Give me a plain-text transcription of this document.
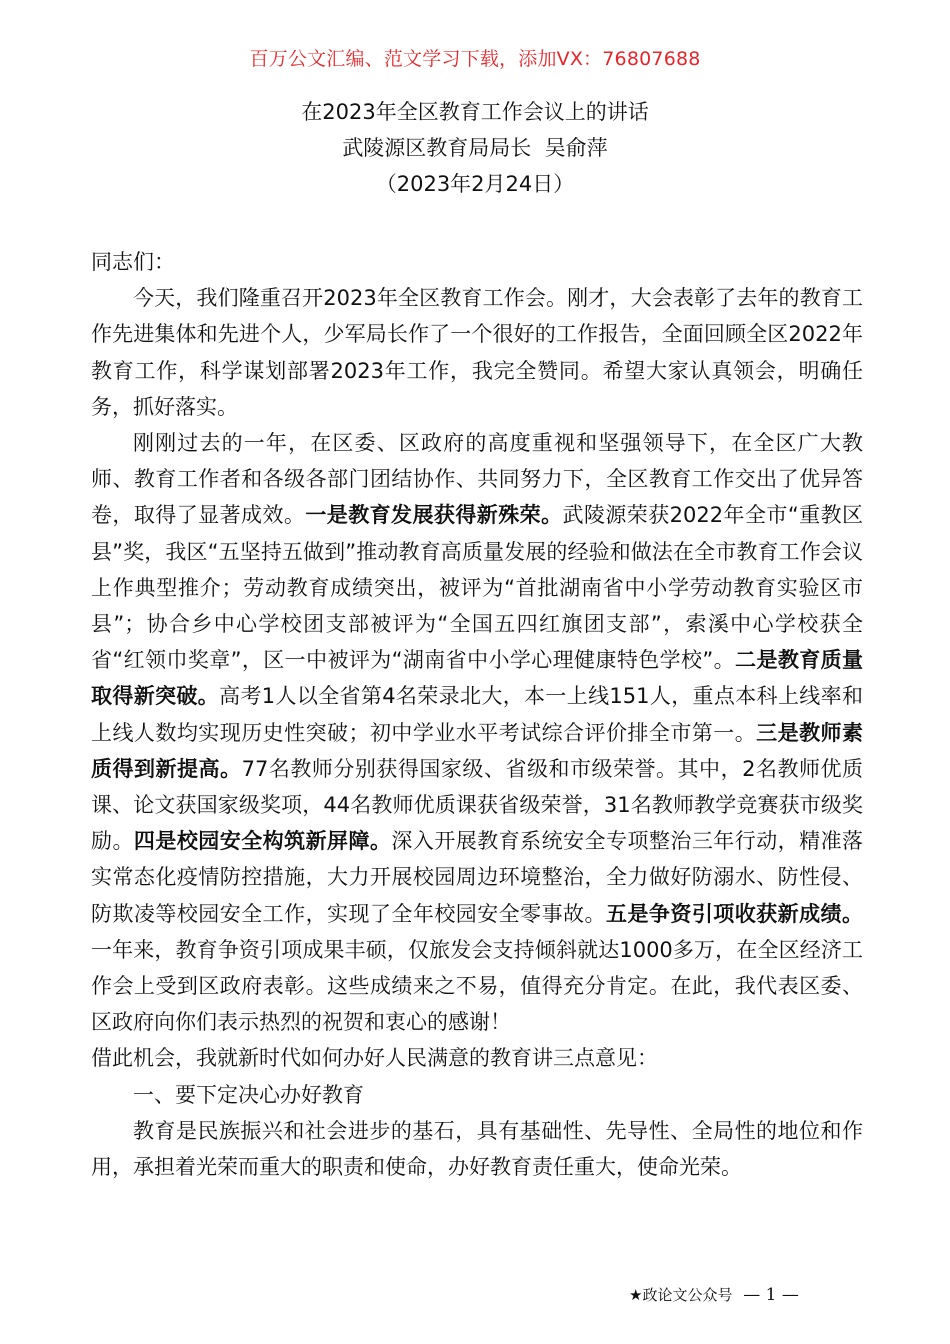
百万公文汇编、范文学习下载，添加VX：76807688
在2023年全区教育工作会议上的讲话
武陵源区教育局局长  吴俞萍
（2023年2月24日）

同志们：

今天，我们隆重召开2023年全区教育工作会。刚才，大会表彰了去年的教育工作先进集体和先进个人，少军局长作了一个很好的工作报告，全面回顾全区2022年教育工作，科学谋划部署2023年工作，我完全赞同。希望大家认真领会，明确任务，抓好落实。

刚刚过去的一年，在区委、区政府的高度重视和坚强领导下，在全区广大教师、教育工作者和各级各部门团结协作、共同努力下，全区教育工作交出了优异答卷，取得了显著成效。一是教育发展获得新殊荣。武陵源荣获2022年全市“重教区县”奖，我区“五坚持五做到”推动教育高质量发展的经验和做法在全市教育工作会议上作典型推介；劳动教育成绩突出，被评为“首批湖南省中小学劳动教育实验区市县”；协合乡中心学校团支部被评为“全国五四红旗团支部”，索溪中心学校获全省“红领巾奖章”，区一中被评为“湖南省中小学心理健康特色学校”。二是教育质量取得新突破。高考1人以全省第4名荣录北大，本一上线151人，重点本科上线率和上线人数均实现历史性突破；初中学业水平考试综合评价排全市第一。三是教师素质得到新提高。77名教师分别获得国家级、省级和市级荣誉。其中，2名教师优质课、论文获国家级奖项，44名教师优质课获省级荣誉，31名教师教学竞赛获市级奖励。四是校园安全构筑新屏障。深入开展教育系统安全专项整治三年行动，精准落实常态化疫情防控措施，大力开展校园周边环境整治，全力做好防溺水、防性侵、防欺凌等校园安全工作，实现了全年校园安全零事故。五是争资引项收获新成绩。一年来，教育争资引项成果丰硕，仅旅发会支持倾斜就达1000多万，在全区经济工作会上受到区政府表彰。这些成绩来之不易，值得充分肯定。在此，我代表区委、区政府向你们表示热烈的祝贺和衷心的感谢！

借此机会，我就新时代如何办好人民满意的教育讲三点意见：

一、要下定决心办好教育

教育是民族振兴和社会进步的基石，具有基础性、先导性、全局性的地位和作用，承担着光荣而重大的职责和使命，办好教育责任重大，使命光荣。

★政论文公众号 — 1 —
